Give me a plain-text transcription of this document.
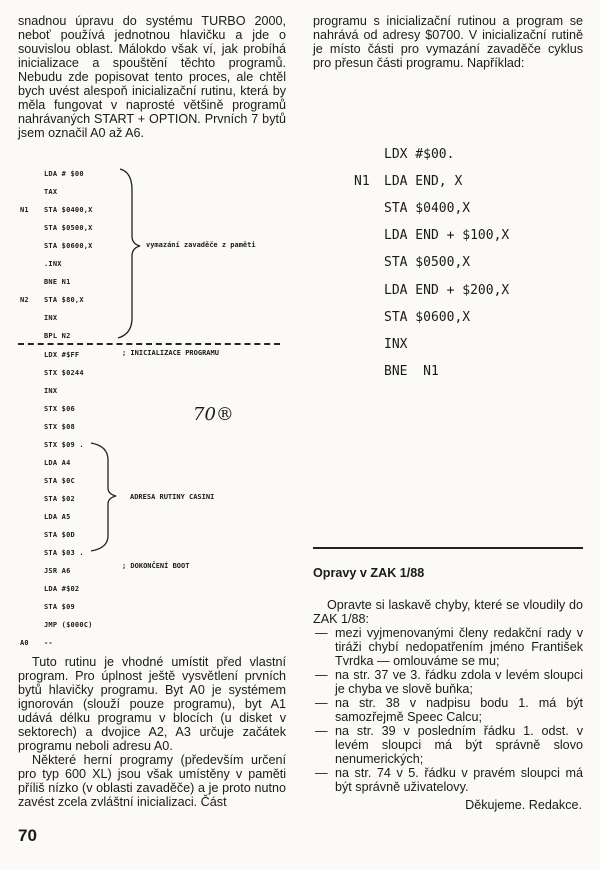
snadnou úpravu do systému TURBO 2000, neboť používá jednotnou hlavičku a jde o souvislou oblast. Málokdo však ví, jak probíhá inicializace a spouštění těchto programů. Nebudu zde popisovat tento proces, ale chtěl bych uvést alespoň inicializační rutinu, která by měla fungovat v naprosté většině programů nahrávaných START + OPTION. Prvních 7 bytů jsem označil A0 až A6.

LDA # $00
TAX
N1 STA $0400,X
STA $0500,X
STA $0600,X
.INX
BNE N1
N2 STA $80,X
INX
BPL N2
LDX #$FF
STX $0244
INX
STX $06
STX $08
STX $09 .
LDA A4
STA $0C
STA $02
LDA A5
STA $0D
STA $03 .
JSR A6
LDA #$02
STA $09
JMP ($000C)
A0 --
vymazání zavaděče z paměti
; INICIALIZACE PROGRAMU
ADRESA RUTINY CASINI
; DOKONČENÍ BOOT
70®

Tuto rutinu je vhodné umístit před vlastní program. Pro úplnost ještě vysvětlení prvních bytů hlavičky programu. Byt A0 je systémem ignorován (slouží pouze programu), byt A1 udává délku programu v blocích (u disket v sektorech) a dvojice A2, A3 určuje začátek programu neboli adresu A0.

Některé herní programy (především určení pro typ 600 XL) jsou však umístěny v paměti příliš nízko (v oblasti zavaděče) a je proto nutno zavést zcela zvláštní inicializaci. Část

programu s inicializační rutinou a program se nahrává od adresy $0700. V inicializační rutině je místo části pro vymazání zavaděče cyklus pro přesun části programu. Například:

LDX #$00.
N1 LDA END, X
STA $0400,X
LDA END + $100,X
STA $0500,X
LDA END + $200,X
STA $0600,X
INX
BNE  N1
Opravy v ZAK 1/88
Opravte si laskavě chyby, které se vloudily do ZAK 1/88:
— mezi vyjmenovanými členy redakční rady v tiráži chybí nedopatřením jméno František Tvrdka — omlouváme se mu;
— na str. 37 ve 3. řádku zdola v levém sloupci je chyba ve slově buňka;
— na str. 38 v nadpisu bodu 1. má být samozřejmě Speec Calcu;
— na str. 39 v posledním řádku 1. odst. v levém sloupci má být správně slovo nenumerických;
— na str. 74 v 5. řádku v pravém sloupci má být správně uživatelovy.
Děkujeme. Redakce.
70
